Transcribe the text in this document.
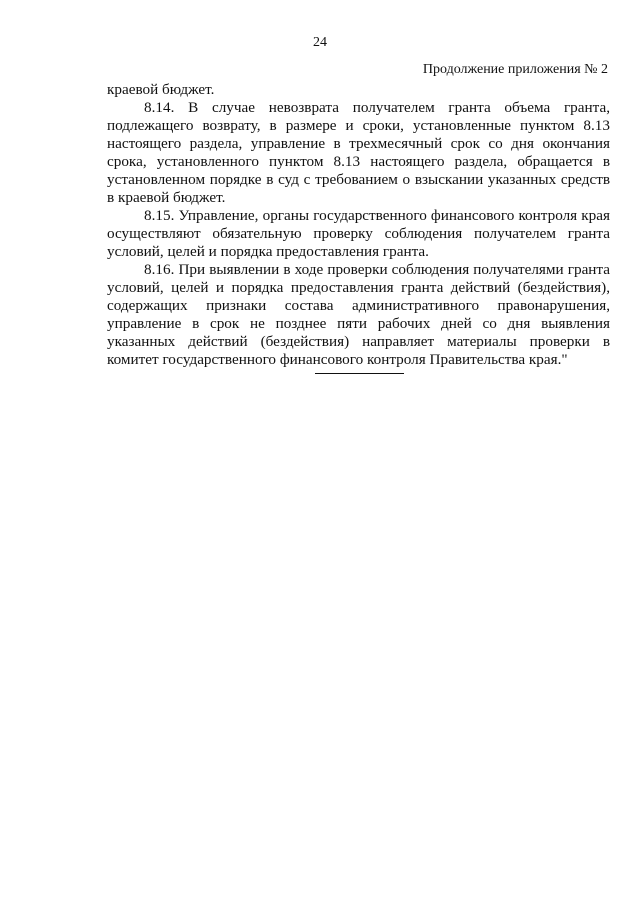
24
Продолжение приложения № 2

краевой бюджет.

8.14. В случае невозврата получателем гранта объема гранта, подлежащего возврату, в размере и сроки, установленные пунктом 8.13 настоящего раздела, управление в трехмесячный срок со дня окончания срока, установленного пунктом 8.13 настоящего раздела, обращается в установленном порядке в суд с требованием о взыскании указанных средств в краевой бюджет.

8.15. Управление, органы государственного финансового контроля края осуществляют обязательную проверку соблюдения получателем гранта условий, целей и порядка предоставления гранта.

8.16. При выявлении в ходе проверки соблюдения получателями гранта условий, целей и порядка предоставления гранта действий (бездействия), содержащих признаки состава административного правонарушения, управление в срок не позднее пяти рабочих дней со дня выявления указанных действий (бездействия) направляет материалы проверки в комитет государственного финансового контроля Правительства края."
